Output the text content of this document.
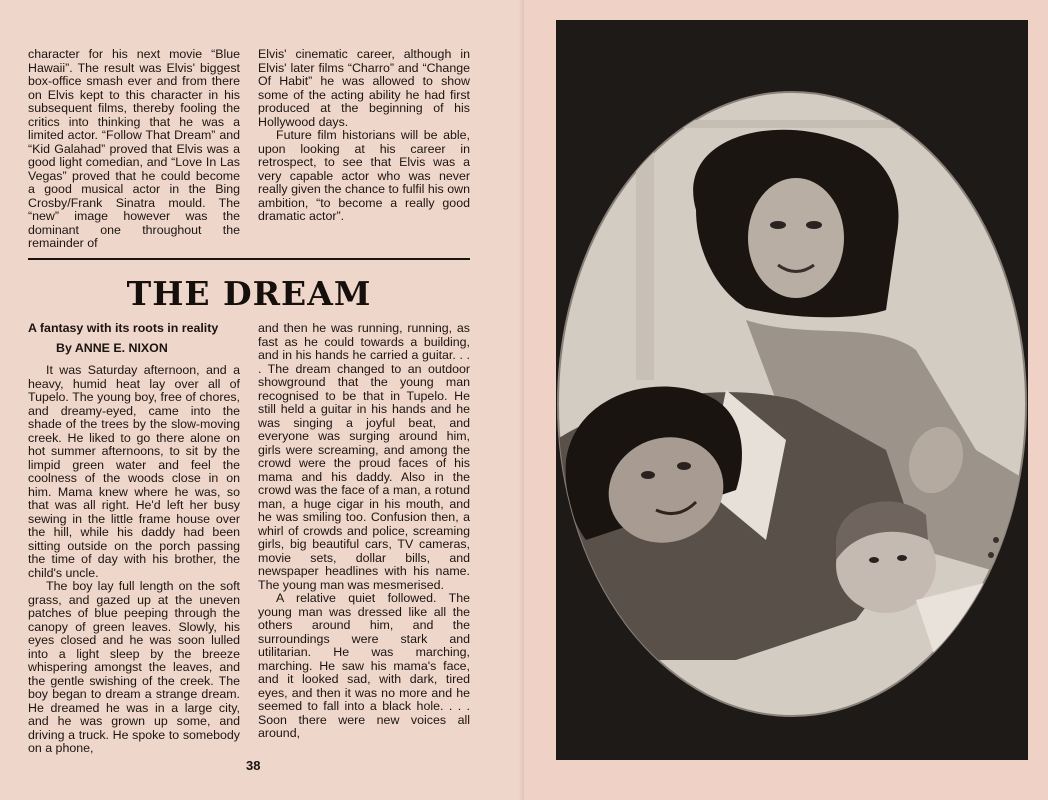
character for his next movie “Blue Hawaii”. The result was Elvis' biggest box-office smash ever and from there on Elvis kept to this character in his subsequent films, thereby fooling the critics into thinking that he was a limited actor. “Follow That Dream” and “Kid Galahad” proved that Elvis was a good light comedian, and “Love In Las Vegas” proved that he could become a good musical actor in the Bing Crosby/Frank Sinatra mould. The “new” image however was the dominant one throughout the remainder of

Elvis' cinematic career, although in Elvis' later films “Charro” and “Change Of Habit” he was allowed to show some of the acting ability he had first produced at the beginning of his Hollywood days.

Future film historians will be able, upon looking at his career in retrospect, to see that Elvis was a very capable actor who was never really given the chance to fulfil his own ambition, “to become a really good dramatic actor”.

THE DREAM
A fantasy with its roots in reality
By ANNE E. NIXON

It was Saturday afternoon, and a heavy, humid heat lay over all of Tupelo. The young boy, free of chores, and dreamy-eyed, came into the shade of the trees by the slow-moving creek. He liked to go there alone on hot summer afternoons, to sit by the limpid green water and feel the coolness of the woods close in on him. Mama knew where he was, so that was all right. He'd left her busy sewing in the little frame house over the hill, while his daddy had been sitting outside on the porch passing the time of day with his brother, the child's uncle.

The boy lay full length on the soft grass, and gazed up at the uneven patches of blue peeping through the canopy of green leaves. Slowly, his eyes closed and he was soon lulled into a light sleep by the breeze whispering amongst the leaves, and the gentle swishing of the creek. The boy began to dream a strange dream. He dreamed he was in a large city, and he was grown up some, and driving a truck. He spoke to somebody on a phone,

and then he was running, running, as fast as he could towards a building, and in his hands he carried a guitar. . . . The dream changed to an outdoor showground that the young man recognised to be that in Tupelo. He still held a guitar in his hands and he was singing a joyful beat, and everyone was surging around him, girls were screaming, and among the crowd were the proud faces of his mama and his daddy. Also in the crowd was the face of a man, a rotund man, a huge cigar in his mouth, and he was smiling too. Confusion then, a whirl of crowds and police, screaming girls, big beautiful cars, TV cameras, movie sets, dollar bills, and newspaper headlines with his name. The young man was mesmerised.

A relative quiet followed. The young man was dressed like all the others around him, and the surroundings were stark and utilitarian. He was marching, marching. He saw his mama's face, and it looked sad, with dark, tired eyes, and then it was no more and he seemed to fall into a black hole. . . . Soon there were new voices all around,

38
